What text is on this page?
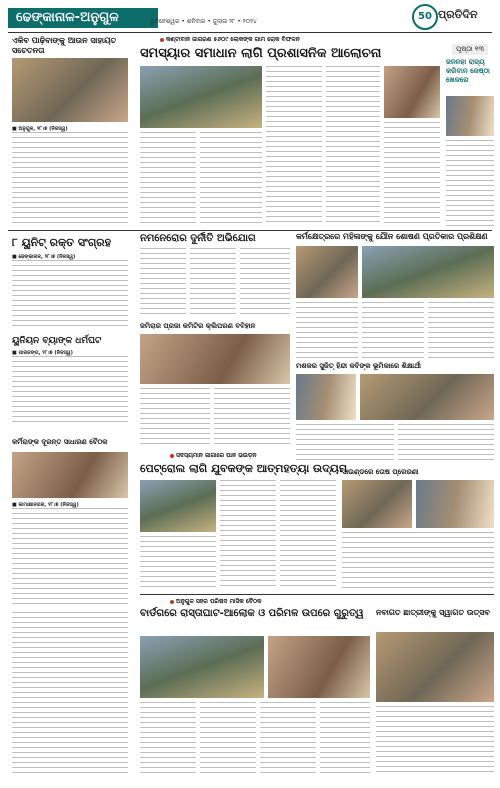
ଢେଙ୍କାନାଳ-ଅନୁଗୁଳ	ଭୁବନେଶ୍ୱର • ଶନିବାର • ଜୁଲାଇ ୨୮ • ୨୦୨୪	50 ପ୍ରତିଦିନ
ଏକିବ ପାଢ଼ିବାଙ୍କୁ ଆଉନ ସାହାୟତ ସଚେତନତା
■ ଅନୁଗୁଳ, ୨୮।୭ (ନିଜସ୍ୱ)
କଣ୍ଟାବାନ ଜାଗରଣ ୫୬୦୯ ଲୋକଙ୍କ ଗାମ ରୋକ ବିଫଳନ
ସମସ୍ୟାର ସମାଧାନ ଲାଗି ପ୍ରଶାସନିକ ଆଲୋଚନା	ପୃଷ୍ଠା ୧୩
ଜନନହା ରାଜ୍ୟ କରିବାନ ଜେଷ୍ଠା ଖେଳରେ
୮ ୟୁନିଟ୍ ରକ୍ତ ସଂଗ୍ରହ
■ ଢେଙ୍କାନାଳ, ୨୮।୭ (ନିଜସ୍ୱ)
ନମନେରୋର ଦୁର୍ନୀତି ଅଭିଯୋଗ	କର୍ମକ୍ଷେତ୍ରରେ ମହିଳାଙ୍କୁ ଯୌନ ଶୋଷଣ ପ୍ରତିକାର ପ୍ରଶିକ୍ଷଣ
ଜମିରାର ପ୍ରଜା କମିଟିର କ୍ଲିପରଣ ବବିହାନ
ୟୁନିୟନ ବ୍ୟାଙ୍କ ଧର୍ମଘଟ
■ ପାରଜଙ୍ଗ, ୨୮।୭ (ନିଜସ୍ୱ)
ମଶକର ସୁଜିତ୍ ହିନ୍ଦୀ କବିଙ୍କ ଭୂମିକାରେ ଶିକ୍ଷାର୍ଥୀ
ସଦସ୍ୟମାନ ଜାଗାରେ ପାନ ଭଉଡ଼ନ
ପେଟ୍ରୋଲ ଲାଗି ଯୁବକଙ୍କ ଆତ୍ମହତ୍ୟା ଉଦ୍ୟମ
କର୍ମିରାଙ୍କ ଦୂରନ୍ତ ସାଧାରଣ ବୈଠକ
■ କାମାକ୍ଷାନଗର, ୨୮।୭ (ନିଜସ୍ୱ)
ସାଉଣ୍ଡରେ ତୋଷ ପ୍ରେରଣା
ଅନୁଗୁଳ ସହର ପରିଷଦ ମାସିକ ବୈଠକ
ବାର୍ଡଗରେ ରାସ୍ତାଘାଟ-ଆଲୋକ ଓ ପରିମଳ ଉପରେ ଗୁରୁତ୍ୱ	ନବାଗତ ଛାତ୍ରୀଙ୍କୁ ସ୍ୱାଗତ ଉତ୍ସବ
